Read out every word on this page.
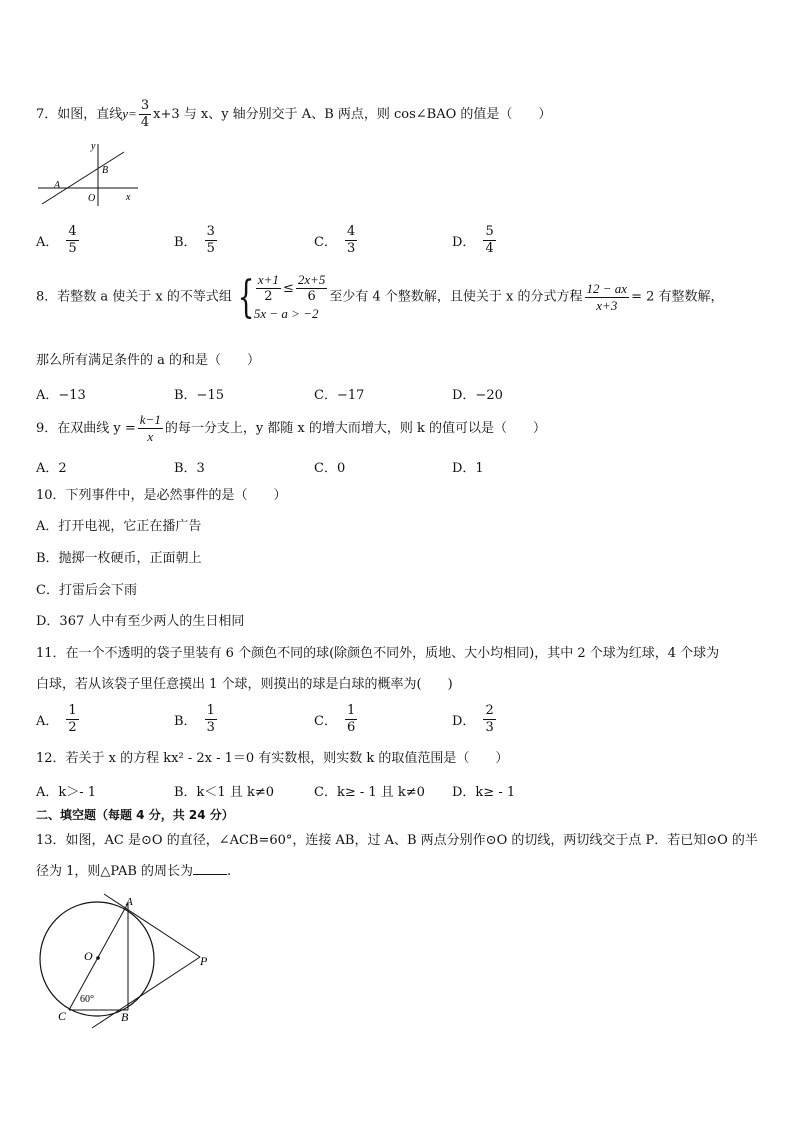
7．如图，直线$y= \frac{3}{4} x+3$ 与 x、y 轴分别交于 A、B 两点，则 cos∠BAO 的值是（　　）
y
B
A
O	x
A． $\frac{4}{5}$	B． $\frac{3}{5}$	C． $\frac{4}{3}$	D． $\frac{5}{4}$
8．若整数 a 使关于 x 的不等式组 { $\frac{x+1}{2} \le \frac{2x+5}{6}$
5x − a > −2
至少有 4 个整数解，且使关于 x 的分式方程 $\frac{12 - ax}{x+3} = 2$ 有整数解，
那么所有满足条件的 a 的和是（　　）
A．−13	B．−15	C．−17	D．−20
9．在双曲线 $y = \frac{k-1}{x}$ 的每一分支上，y 都随 x 的增大而增大，则 k 的值可以是（　　）
A．2	B．3	C．0	D．1
10．下列事件中，是必然事件的是（　　）
A．打开电视，它正在播广告
B．抛掷一枚硬币，正面朝上
C．打雷后会下雨
D．367 人中有至少两人的生日相同
11．在一个不透明的袋子里装有 6 个颜色不同的球(除颜色不同外，质地、大小均相同)，其中 2 个球为红球，4 个球为
白球，若从该袋子里任意摸出 1 个球，则摸出的球是白球的概率为(　　)
A． $\frac{1}{2}$	B． $\frac{1}{3}$	C． $\frac{1}{6}$	D． $\frac{2}{3}$
12．若关于 x 的方程 kx² - 2x - 1＝0 有实数根，则实数 k 的取值范围是（　　）
A．k＞- 1	B．k＜1 且 k≠0	C．k≥ - 1 且 k≠0 D．k≥ - 1
二、填空题（每题 4 分，共 24 分）
13．如图，AC 是⊙O 的直径，∠ACB=60°，连接 AB，过 A、B 两点分别作⊙O 的切线，两切线交于点 P．若已知⊙O 的半
径为 1，则△PAB 的周长为	.
A
O	P
C	B
60°
